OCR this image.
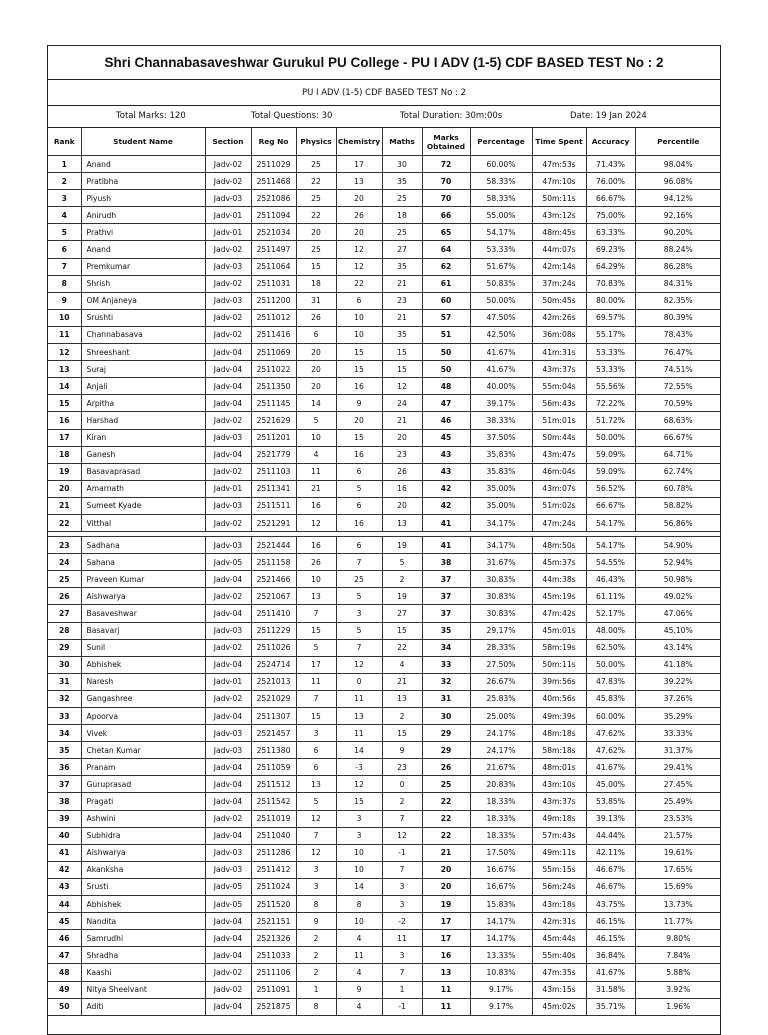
Shri Channabasaveshwar Gurukul PU College - PU I ADV (1-5) CDF BASED TEST No : 2
PU I ADV (1-5) CDF BASED TEST No : 2
Total Marks: 120	Total Questions: 30	Total Duration: 30m:00s	Date: 19 Jan 2024
Rank	Student Name	Section	Reg No	Physics	Chemistry	Maths	Marks Obtained	Percentage	Time Spent	Accuracy	Percentile
1	Anand	Jadv-02	2511029	25	17	30	72	60.00%	47m:53s	71.43%	98.04%
2	Pratibha	Jadv-02	2511468	22	13	35	70	58.33%	47m:10s	76.00%	96.08%
3	Piyush	Jadv-03	2521086	25	20	25	70	58.33%	50m:11s	66.67%	94.12%
4	Anirudh	Jadv-01	2511094	22	26	18	66	55.00%	43m:12s	75.00%	92.16%
5	Prathvi	Jadv-01	2521034	20	20	25	65	54.17%	48m:45s	63.33%	90.20%
6	Anand	Jadv-02	2511497	25	12	27	64	53.33%	44m:07s	69.23%	88.24%
7	Premkumar	Jadv-03	2511064	15	12	35	62	51.67%	42m:14s	64.29%	86.28%
8	Shrish	Jadv-02	2511031	18	22	21	61	50.83%	37m:24s	70.83%	84.31%
9	OM Anjaneya	Jadv-03	2511200	31	6	23	60	50.00%	50m:45s	80.00%	82.35%
10	Srushti	Jadv-02	2511012	26	10	21	57	47.50%	42m:26s	69.57%	80.39%
11	Channabasava	Jadv-02	2511416	6	10	35	51	42.50%	36m:08s	55.17%	78.43%
12	Shreeshant	Jadv-04	2511069	20	15	15	50	41.67%	41m:31s	53.33%	76.47%
13	Suraj	Jadv-04	2511022	20	15	15	50	41.67%	43m:37s	53.33%	74.51%
14	Anjali	Jadv-04	2511350	20	16	12	48	40.00%	55m:04s	55.56%	72.55%
15	Arpitha	Jadv-04	2511145	14	9	24	47	39.17%	56m:43s	72.22%	70.59%
16	Harshad	Jadv-02	2521629	5	20	21	46	38.33%	51m:01s	51.72%	68.63%
17	Kiran	Jadv-03	2511201	10	15	20	45	37.50%	50m:44s	50.00%	66.67%
18	Ganesh	Jadv-04	2521779	4	16	23	43	35.83%	43m:47s	59.09%	64.71%
19	Basavaprasad	Jadv-02	2511103	11	6	26	43	35.83%	46m:04s	59.09%	62.74%
20	Amarnath	Jadv-01	2511341	21	5	16	42	35.00%	43m:07s	56.52%	60.78%
21	Sumeet Kyade	Jadv-03	2511511	16	6	20	42	35.00%	51m:02s	66.67%	58.82%
22	Vitthal	Jadv-02	2521291	12	16	13	41	34.17%	47m:24s	54.17%	56.86%
23	Sadhana	Jadv-03	2521444	16	6	19	41	34.17%	48m:50s	54.17%	54.90%
24	Sahana	Jadv-05	2511158	26	7	5	38	31.67%	45m:37s	54.55%	52.94%
25	Praveen Kumar	Jadv-04	2521466	10	25	2	37	30.83%	44m:38s	46.43%	50.98%
26	Aishwarya	Jadv-02	2521067	13	5	19	37	30.83%	45m:19s	61.11%	49.02%
27	Basaveshwar	Jadv-04	2511410	7	3	27	37	30.83%	47m:42s	52.17%	47.06%
28	Basavarj	Jadv-03	2511229	15	5	15	35	29.17%	45m:01s	48.00%	45.10%
29	Sunil	Jadv-02	2511026	5	7	22	34	28.33%	58m:19s	62.50%	43.14%
30	Abhishek	Jadv-04	2524714	17	12	4	33	27.50%	50m:11s	50.00%	41.18%
31	Naresh	Jadv-01	2521013	11	0	21	32	26.67%	39m:56s	47.83%	39.22%
32	Gangashree	Jadv-02	2521029	7	11	13	31	25.83%	40m:56s	45.83%	37.26%
33	Apoorva	Jadv-04	2511307	15	13	2	30	25.00%	49m:39s	60.00%	35.29%
34	Vivek	Jadv-03	2521457	3	11	15	29	24.17%	48m:18s	47.62%	33.33%
35	Chetan Kumar	Jadv-03	2511380	6	14	9	29	24.17%	58m:18s	47.62%	31.37%
36	Pranam	Jadv-04	2511059	6	-3	23	26	21.67%	48m:01s	41.67%	29.41%
37	Guruprasad	Jadv-04	2511512	13	12	0	25	20.83%	43m:10s	45.00%	27.45%
38	Pragati	Jadv-04	2511542	5	15	2	22	18.33%	43m:37s	53.85%	25.49%
39	Ashwini	Jadv-02	2511019	12	3	7	22	18.33%	49m:18s	39.13%	23.53%
40	Subhidra	Jadv-04	2511040	7	3	12	22	18.33%	57m:43s	44.44%	21.57%
41	Aishwarya	Jadv-03	2511286	12	10	-1	21	17.50%	49m:11s	42.11%	19.61%
42	Akanksha	Jadv-03	2511412	3	10	7	20	16.67%	55m:15s	46.67%	17.65%
43	Srusti	Jadv-05	2511024	3	14	3	20	16.67%	56m:24s	46.67%	15.69%
44	Abhishek	Jadv-05	2511520	8	8	3	19	15.83%	43m:18s	43.75%	13.73%
45	Nandita	Jadv-04	2521151	9	10	-2	17	14.17%	42m:31s	46.15%	11.77%
46	Samrudhi	Jadv-04	2521326	2	4	11	17	14.17%	45m:44s	46.15%	9.80%
47	Shradha	Jadv-04	2511033	2	11	3	16	13.33%	55m:40s	36.84%	7.84%
48	Kaashi	Jadv-02	2511106	2	4	7	13	10.83%	47m:35s	41.67%	5.88%
49	Nitya Sheelvant	Jadv-02	2511091	1	9	1	11	9.17%	43m:15s	31.58%	3.92%
50	Aditi	Jadv-04	2521875	8	4	-1	11	9.17%	45m:02s	35.71%	1.96%
